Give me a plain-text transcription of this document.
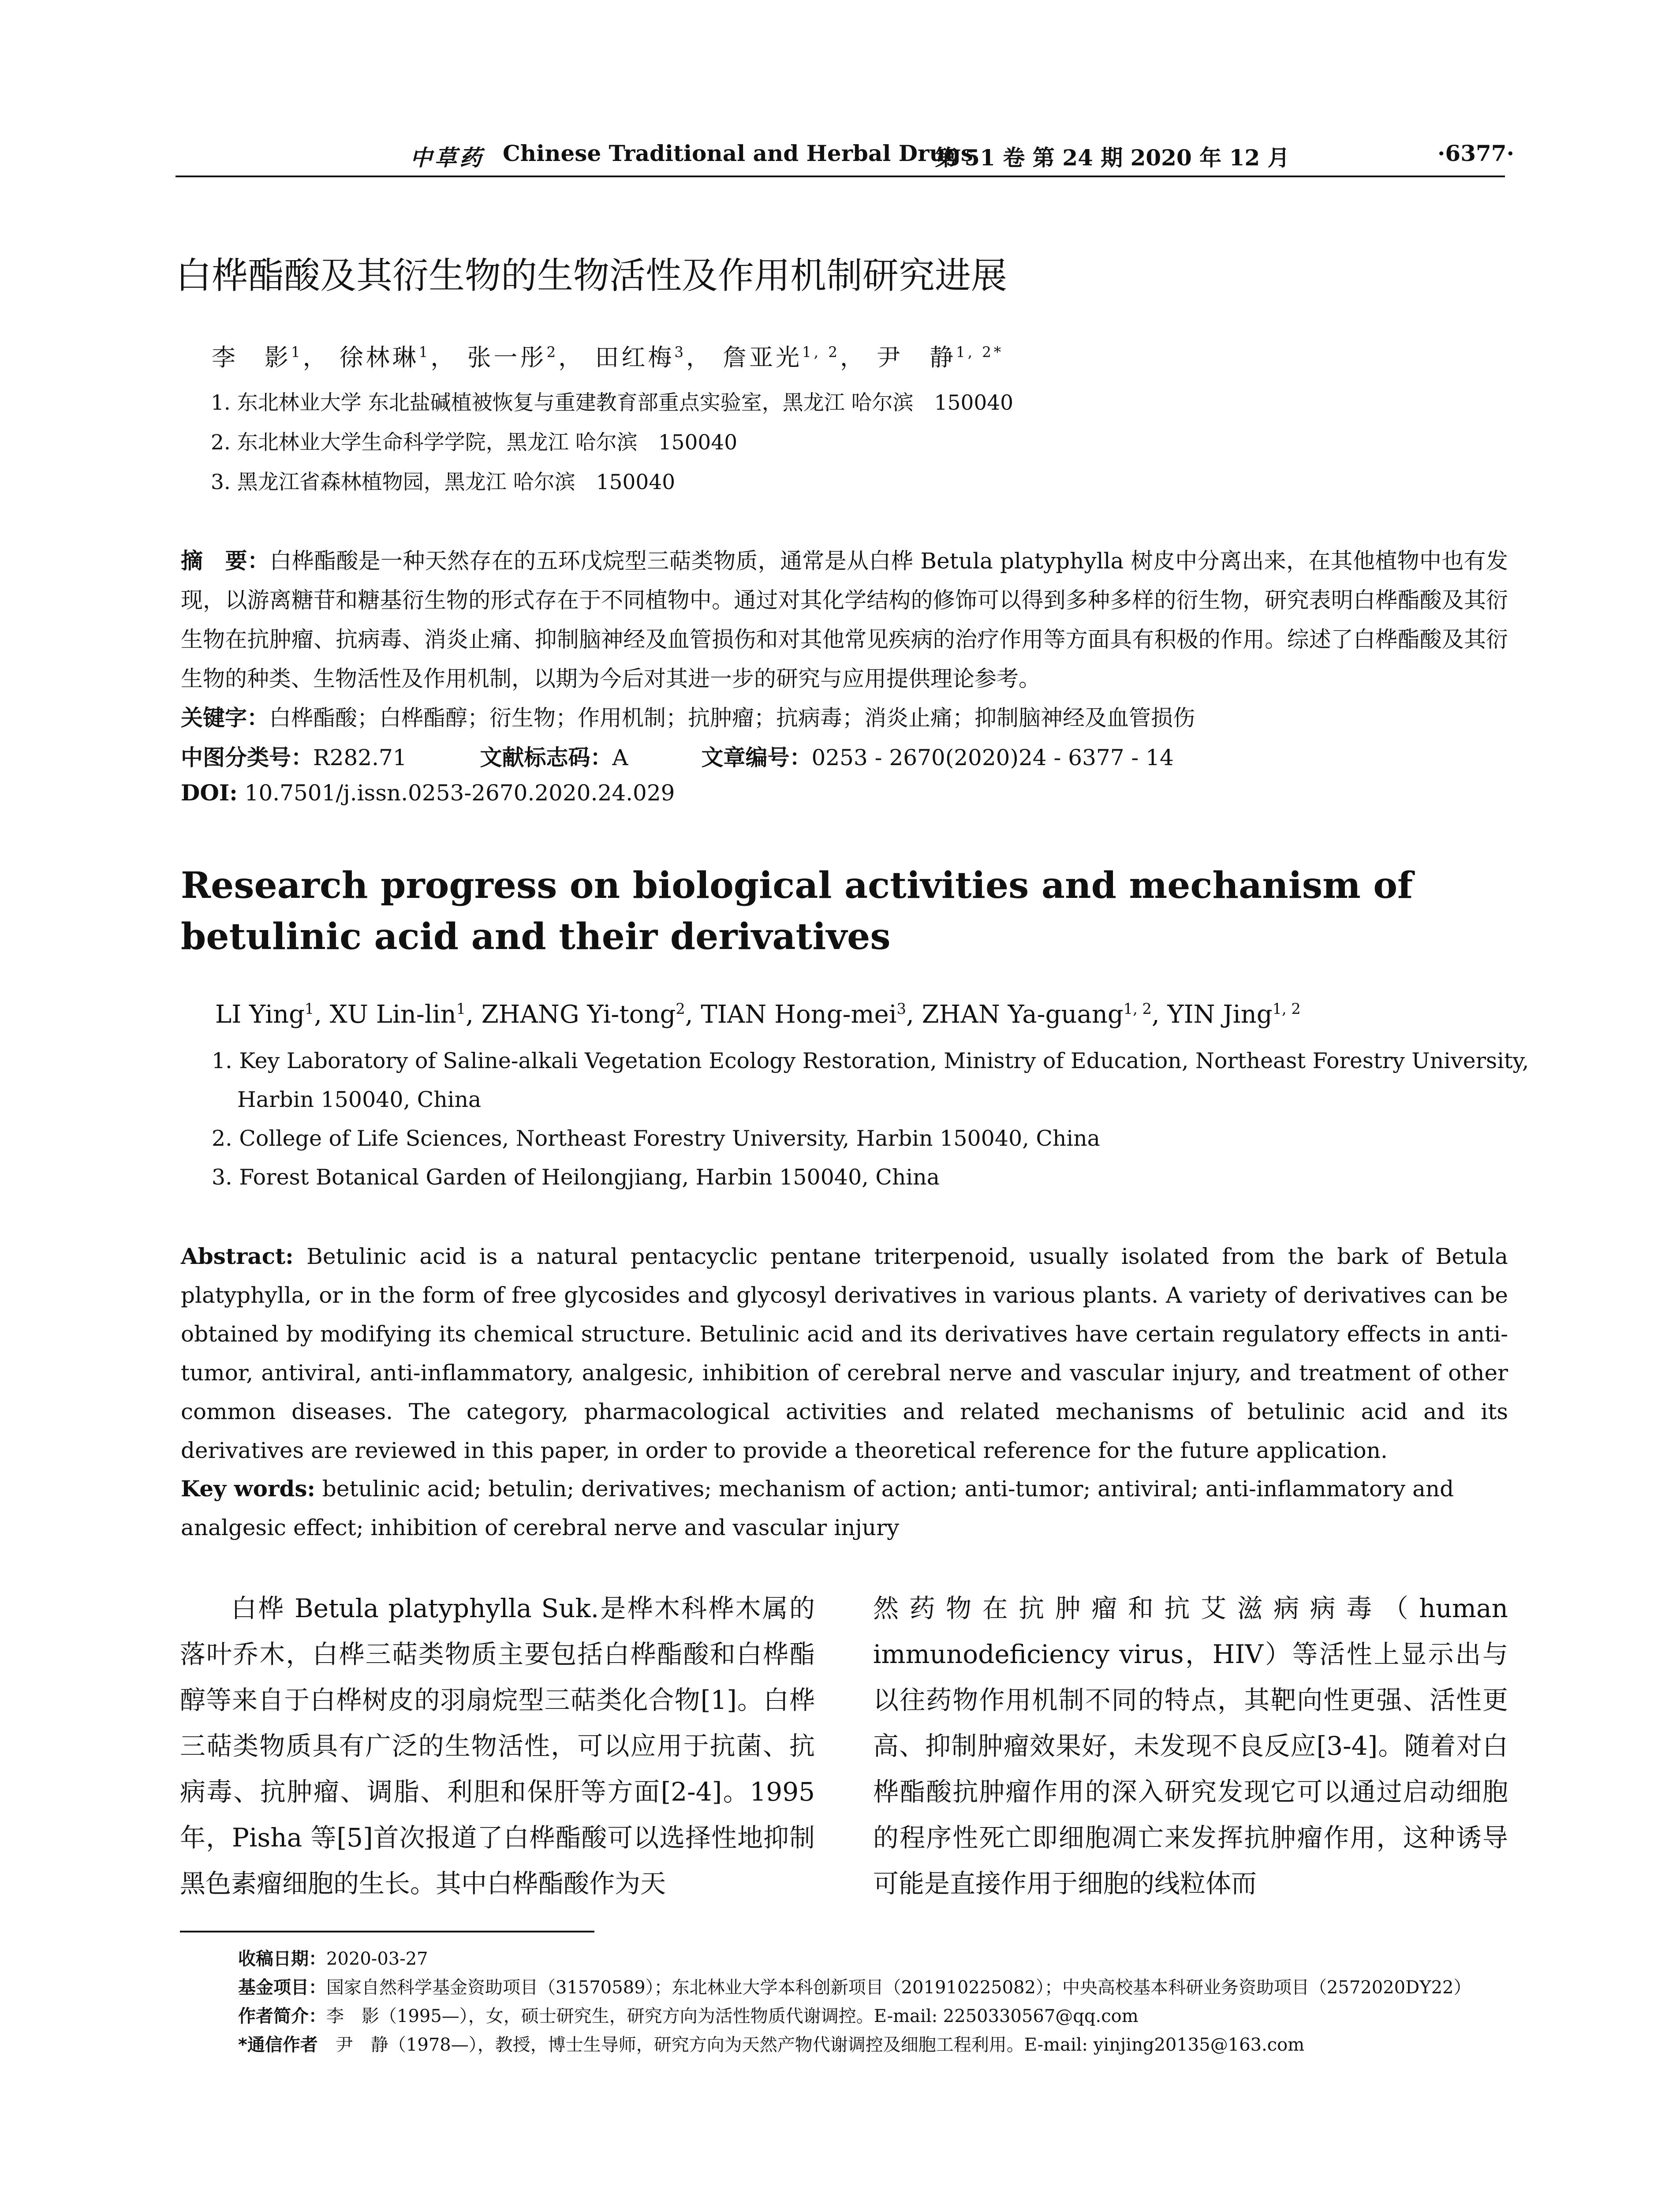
中草药 Chinese Traditional and Herbal Drugs
第 51 卷 第 24 期 2020 年 12 月	·6377·
白桦酯酸及其衍生物的生物活性及作用机制研究进展
李　影$^1$， 徐林琳$^1$， 张一彤$^2$， 田红梅$^3$， 詹亚光$^{1, 2}$， 尹　静$^{1, 2*}$
1. 东北林业大学 东北盐碱植被恢复与重建教育部重点实验室，黑龙江 哈尔滨　150040
2. 东北林业大学生命科学学院，黑龙江 哈尔滨　150040
3. 黑龙江省森林植物园，黑龙江 哈尔滨　150040
摘　要：白桦酯酸是一种天然存在的五环戊烷型三萜类物质，通常是从白桦 Betula platyphylla 树皮中分离出来，在其他植物中也有发现，以游离糖苷和糖基衍生物的形式存在于不同植物中。通过对其化学结构的修饰可以得到多种多样的衍生物，研究表明白桦酯酸及其衍生物在抗肿瘤、抗病毒、消炎止痛、抑制脑神经及血管损伤和对其他常见疾病的治疗作用等方面具有积极的作用。综述了白桦酯酸及其衍生物的种类、生物活性及作用机制，以期为今后对其进一步的研究与应用提供理论参考。
关键字：白桦酯酸；白桦酯醇；衍生物；作用机制；抗肿瘤；抗病毒；消炎止痛；抑制脑神经及血管损伤
中图分类号：R282.71	文献标志码：A	文章编号：0253 - 2670(2020)24 - 6377 - 14
DOI: 10.7501/j.issn.0253-2670.2020.24.029
Research progress on biological activities and mechanism of betulinic acid and their derivatives
LI Ying$^1$, XU Lin-lin$^1$, ZHANG Yi-tong$^2$, TIAN Hong-mei$^3$, ZHAN Ya-guang$^{1, 2}$, YIN Jing$^{1, 2}$
1. Key Laboratory of Saline-alkali Vegetation Ecology Restoration, Ministry of Education, Northeast Forestry University, Harbin 150040, China
2. College of Life Sciences, Northeast Forestry University, Harbin 150040, China
3. Forest Botanical Garden of Heilongjiang, Harbin 150040, China
Abstract: Betulinic acid is a natural pentacyclic pentane triterpenoid, usually isolated from the bark of Betula platyphylla, or in the form of free glycosides and glycosyl derivatives in various plants. A variety of derivatives can be obtained by modifying its chemical structure. Betulinic acid and its derivatives have certain regulatory effects in anti-tumor, antiviral, anti-inflammatory, analgesic, inhibition of cerebral nerve and vascular injury, and treatment of other common diseases. The category, pharmacological activities and related mechanisms of betulinic acid and its derivatives are reviewed in this paper, in order to provide a theoretical reference for the future application.
Key words: betulinic acid; betulin; derivatives; mechanism of action; anti-tumor; antiviral; anti-inflammatory and analgesic effect; inhibition of cerebral nerve and vascular injury
白桦 Betula platyphylla Suk.是桦木科桦木属的落叶乔木，白桦三萜类物质主要包括白桦酯酸和白桦酯醇等来自于白桦树皮的羽扇烷型三萜类化合物[1]。白桦三萜类物质具有广泛的生物活性，可以应用于抗菌、抗病毒、抗肿瘤、调脂、利胆和保肝等方面[2-4]。1995 年，Pisha 等[5]首次报道了白桦酯酸可以选择性地抑制黑色素瘤细胞的生长。其中白桦酯酸作为天
然药物在抗肿瘤和抗艾滋病病毒（human immunodeficiency virus，HIV）等活性上显示出与以往药物作用机制不同的特点，其靶向性更强、活性更高、抑制肿瘤效果好，未发现不良反应[3-4]。随着对白桦酯酸抗肿瘤作用的深入研究发现它可以通过启动细胞的程序性死亡即细胞凋亡来发挥抗肿瘤作用，这种诱导可能是直接作用于细胞的线粒体而
收稿日期：2020-03-27
基金项目：国家自然科学基金资助项目（31570589）；东北林业大学本科创新项目（201910225082）；中央高校基本科研业务资助项目（2572020DY22）
作者简介：李　影（1995—），女，硕士研究生，研究方向为活性物质代谢调控。E-mail: 2250330567@qq.com
*通信作者　尹　静（1978—），教授，博士生导师，研究方向为天然产物代谢调控及细胞工程利用。E-mail: yinjing20135@163.com
